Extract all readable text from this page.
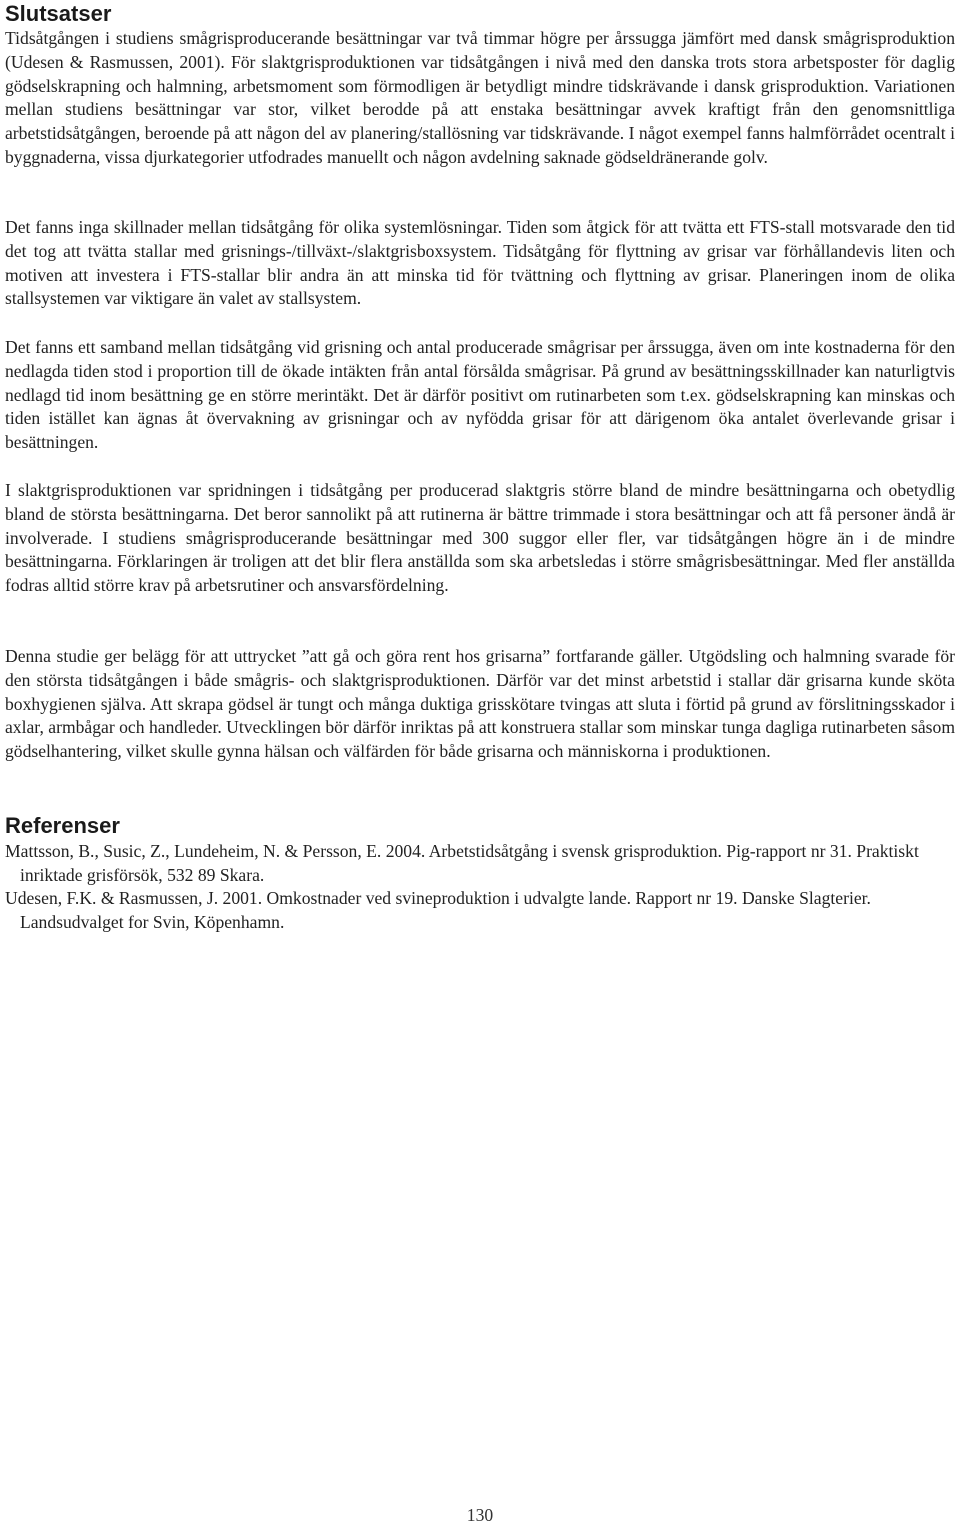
Slutsatser

Tidsåtgången i studiens smågrisproducerande besättningar var två timmar högre per årssugga jämfört med dansk smågrisproduktion (Udesen & Rasmussen, 2001). För slaktgrisproduktionen var tidsåtgången i nivå med den danska trots stora arbetsposter för daglig gödselskrapning och halmning, arbetsmoment som förmodligen är betydligt mindre tidskrävande i dansk grisproduktion. Variationen mellan studiens besättningar var stor, vilket berodde på att enstaka besättningar avvek kraftigt från den genomsnittliga arbetstidsåtgången, beroende på att någon del av planering/stallösning var tidskrävande. I något exempel fanns halmförrådet ocentralt i byggnaderna, vissa djurkategorier utfodrades manuellt och någon avdelning saknade gödseldränerande golv.

Det fanns inga skillnader mellan tidsåtgång för olika systemlösningar. Tiden som åtgick för att tvätta ett FTS-stall motsvarade den tid det tog att tvätta stallar med grisnings-/tillväxt-/slaktgrisboxsystem. Tidsåtgång för flyttning av grisar var förhållandevis liten och motiven att investera i FTS-stallar blir andra än att minska tid för tvättning och flyttning av grisar. Planeringen inom de olika stallsystemen var viktigare än valet av stallsystem.

Det fanns ett samband mellan tidsåtgång vid grisning och antal producerade smågrisar per årssugga, även om inte kostnaderna för den nedlagda tiden stod i proportion till de ökade intäkten från antal försålda smågrisar. På grund av besättningsskillnader kan naturligtvis nedlagd tid inom besättning ge en större merintäkt. Det är därför positivt om rutinarbeten som t.ex. gödselskrapning kan minskas och tiden istället kan ägnas åt övervakning av grisningar och av nyfödda grisar för att därigenom öka antalet överlevande grisar i besättningen.

I slaktgrisproduktionen var spridningen i tidsåtgång per producerad slaktgris större bland de mindre besättningarna och obetydlig bland de största besättningarna. Det beror sannolikt på att rutinerna är bättre trimmade i stora besättningar och att få personer ändå är involverade. I studiens smågrisproducerande besättningar med 300 suggor eller fler, var tidsåtgången högre än i de mindre besättningarna. Förklaringen är troligen att det blir flera anställda som ska arbetsledas i större smågrisbesättningar. Med fler anställda fodras alltid större krav på arbetsrutiner och ansvarsfördelning.

Denna studie ger belägg för att uttrycket ”att gå och göra rent hos grisarna” fortfarande gäller. Utgödsling och halmning svarade för den största tidsåtgången i både smågris- och slaktgrisproduktionen. Därför var det minst arbetstid i stallar där grisarna kunde sköta boxhygienen själva. Att skrapa gödsel är tungt och många duktiga grisskötare tvingas att sluta i förtid på grund av förslitningsskador i axlar, armbågar och handleder. Utvecklingen bör därför inriktas på att konstruera stallar som minskar tunga dagliga rutinarbeten såsom gödselhantering, vilket skulle gynna hälsan och välfärden för både grisarna och människorna i produktionen.

Referenser
Mattsson, B., Susic, Z., Lundeheim, N. & Persson, E. 2004. Arbetstidsåtgång i svensk grisproduktion. Pig-rapport nr 31. Praktiskt inriktade grisförsök, 532 89 Skara.
Udesen, F.K. & Rasmussen, J. 2001. Omkostnader ved svineproduktion i udvalgte lande. Rapport nr 19. Danske Slagterier. Landsudvalget for Svin, Köpenhamn.
130
